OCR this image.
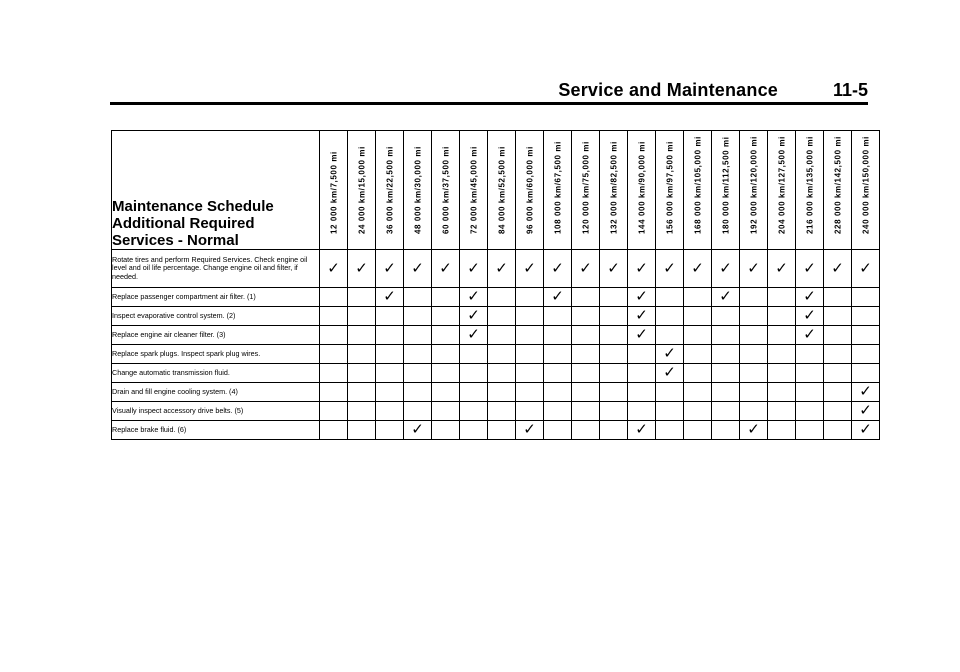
Service and Maintenance	11-5
Maintenance Schedule
Additional Required
Services - Normal	12 000 km/7,500 mi	24 000 km/15,000 mi	36 000 km/22,500 mi	48 000 km/30,000 mi	60 000 km/37,500 mi	72 000 km/45,000 mi	84 000 km/52,500 mi	96 000 km/60,000 mi	108 000 km/67,500 mi	120 000 km/75,000 mi	132 000 km/82,500 mi	144 000 km/90,000 mi	156 000 km/97,500 mi	168 000 km/105,000 mi	180 000 km/112,500 mi	192 000 km/120,000 mi	204 000 km/127,500 mi	216 000 km/135,000 mi	228 000 km/142,500 mi	240 000 km/150,000 mi

Rotate tires and perform Required Services. Check engine oil level and oil life percentage. Change engine oil and filter, if needed.	✓	✓	✓	✓	✓	✓	✓	✓	✓	✓	✓	✓	✓	✓	✓	✓	✓	✓	✓	✓
Replace passenger compartment air filter. (1)			✓			✓			✓			✓			✓			✓		
Inspect evaporative control system. (2)						✓						✓						✓		
Replace engine air cleaner filter. (3)						✓						✓						✓		
Replace spark plugs. Inspect spark plug wires.													✓							
Change automatic transmission fluid.													✓							
Drain and fill engine cooling system. (4)																				✓
Visually inspect accessory drive belts. (5)																				✓
Replace brake fluid. (6)				✓				✓				✓				✓				✓
